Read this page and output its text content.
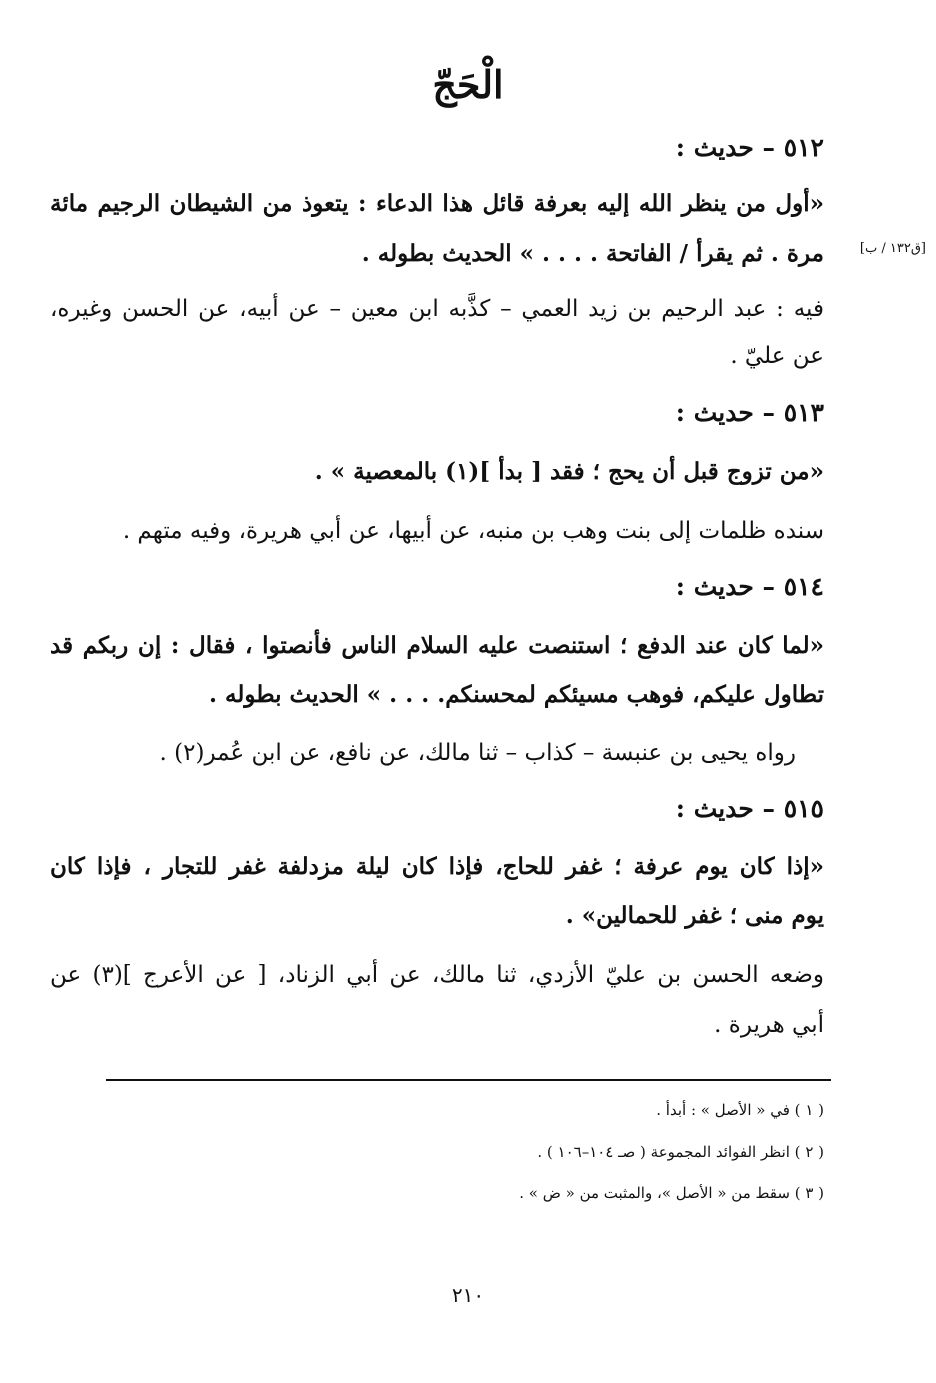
الْحَجّ
٥١٢ – حديث :
«أول من ينظر الله إليه بعرفة قائل هذا الدعاء : يتعوذ من الشيطان الرجيم مائة
[ق١٣٢ / ب]
مرة . ثم يقرأ / الفاتحة . . . . » الحديث بطوله .
فيه : عبد الرحيم بن زيد العمي – كذَّبه ابن معين – عن أبيه، عن الحسن وغيره،
عن عليّ .
٥١٣ – حديث :
«من تزوج قبل أن يحج ؛ فقد [ بدأ ](١) بالمعصية » .
سنده ظلمات إلى بنت وهب بن منبه، عن أبيها، عن أبي هريرة، وفيه متهم .
٥١٤ – حديث :
«لما كان عند الدفع ؛ استنصت عليه السلام الناس فأنصتوا ، فقال : إن ربكم قد
تطاول عليكم، فوهب مسيئكم لمحسنكم. . . . » الحديث بطوله .
رواه يحيى بن عنبسة – كذاب – ثنا مالك، عن نافع، عن ابن عُمر(٢) .
٥١٥ – حديث :
«إذا كان يوم عرفة ؛ غفر للحاج، فإذا كان ليلة مزدلفة غفر للتجار ، فإذا كان
يوم منى ؛ غفر للحمالين» .
وضعه الحسن بن عليّ الأزدي، ثنا مالك، عن أبي الزناد، [ عن الأعرج ](٣) عن
أبي هريرة .
( ١ ) في « الأصل » : أبدأ .
( ٢ ) انظر الفوائد المجموعة ( صـ ١٠٤–١٠٦ ) .
( ٣ ) سقط من « الأصل »، والمثبت من « ض » .
٢١٠
